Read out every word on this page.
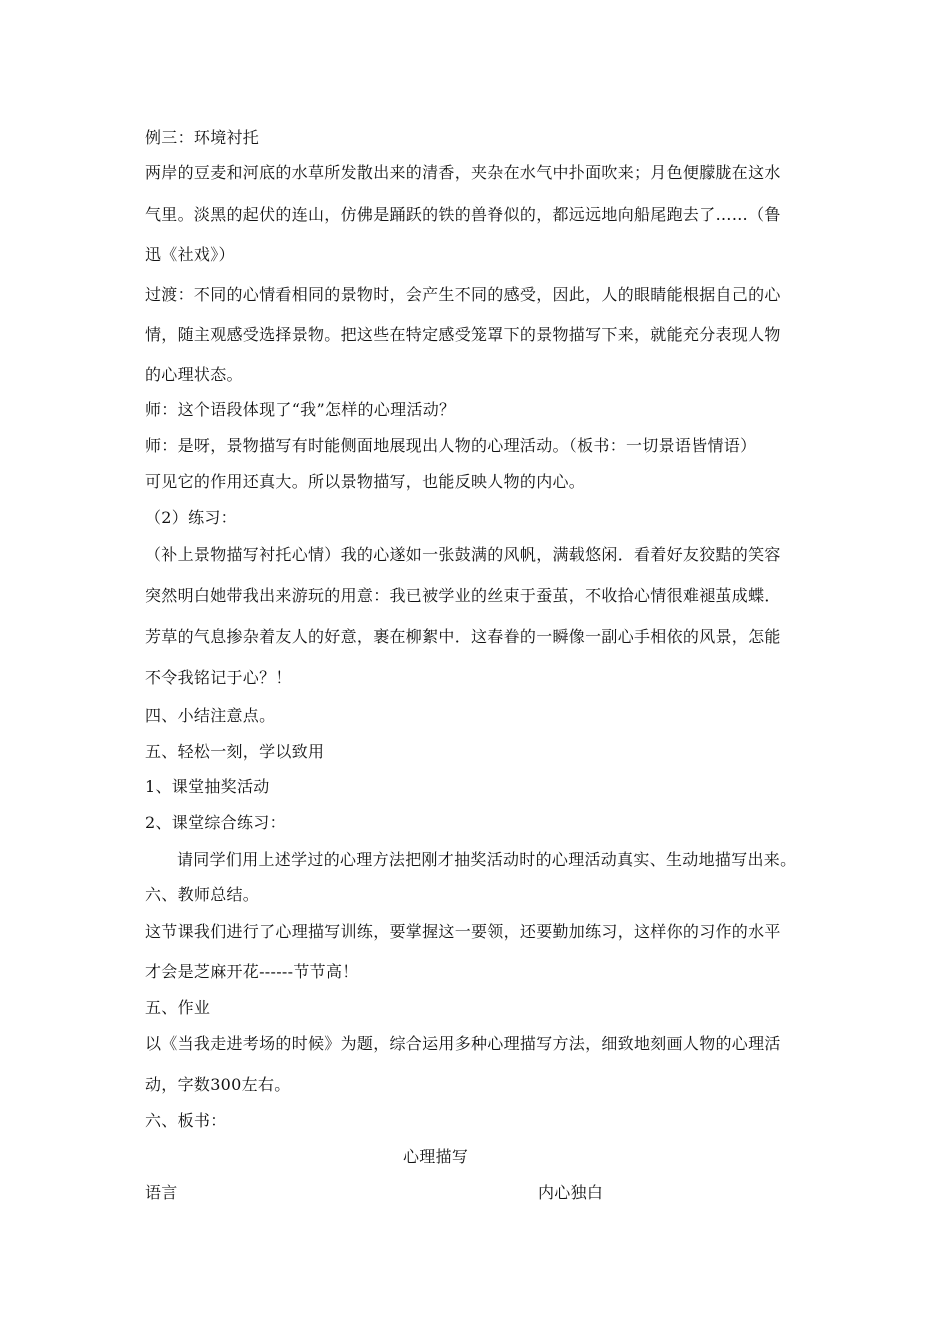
例三：环境衬托
两岸的豆麦和河底的水草所发散出来的清香，夹杂在水气中扑面吹来；月色便朦胧在这水
气里。淡黑的起伏的连山，仿佛是踊跃的铁的兽脊似的，都远远地向船尾跑去了……（鲁
迅《社戏》）
过渡：不同的心情看相同的景物时，会产生不同的感受，因此，人的眼睛能根据自己的心
情，随主观感受选择景物。把这些在特定感受笼罩下的景物描写下来，就能充分表现人物
的心理状态。
师：这个语段体现了“我”怎样的心理活动？
师：是呀，景物描写有时能侧面地展现出人物的心理活动。（板书：一切景语皆情语）
可见它的作用还真大。所以景物描写，也能反映人物的内心。
（2）练习：
（补上景物描写衬托心情）我的心遂如一张鼓满的风帆，满载悠闲．看着好友狡黠的笑容
突然明白她带我出来游玩的用意：我已被学业的丝束于蚕茧，不收拾心情很难褪茧成蝶．
芳草的气息掺杂着友人的好意，裹在柳絮中．这春眷的一瞬像一副心手相依的风景，怎能
不令我铭记于心？！
四、小结注意点。
五、轻松一刻，学以致用
1、课堂抽奖活动
2、课堂综合练习：
请同学们用上述学过的心理方法把刚才抽奖活动时的心理活动真实、生动地描写出来。
六、教师总结。
这节课我们进行了心理描写训练，要掌握这一要领，还要勤加练习，这样你的习作的水平
才会是芝麻开花------节节高！
五、作业
以《当我走进考场的时候》为题，综合运用多种心理描写方法，细致地刻画人物的心理活
动，字数300左右。
六、板书：
心理描写
语言	内心独白
